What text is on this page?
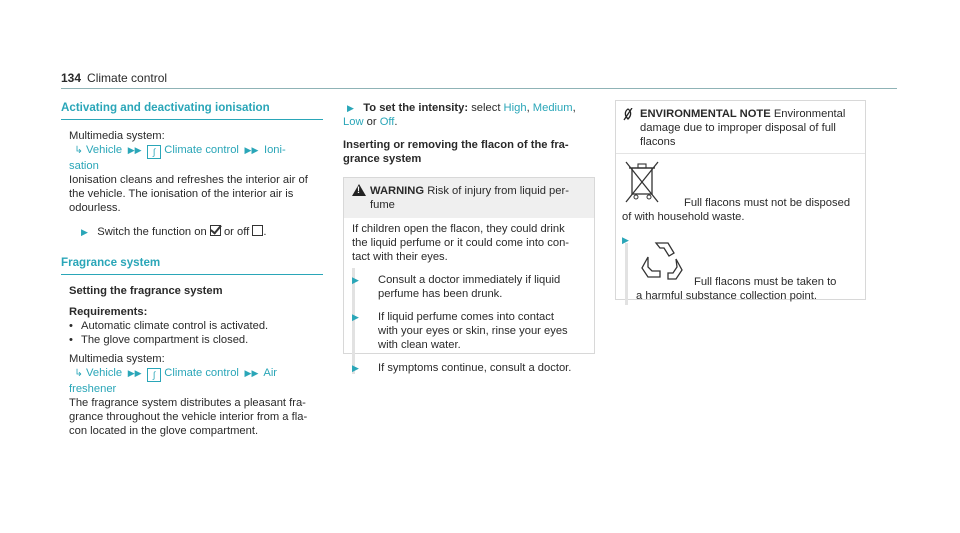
134 Climate control
Activating and deactivating ionisation
Multimedia system:
↳ Vehicle  ▶▶  ∫ Climate control  ▶▶  Ioni-
sation
Ionisation cleans and refreshes the interior air of
the vehicle. The ionisation of the interior air is
odourless.
▶ Switch the function on or off .
Fragrance system
Setting the fragrance system
Requirements:
• Automatic climate control is activated.
• The glove compartment is closed.
Multimedia system:
↳ Vehicle  ▶▶  ∫ Climate control  ▶▶  Air
freshener
The fragrance system distributes a pleasant fra-
grance throughout the vehicle interior from a fla-
con located in the glove compartment.
▶ To set the intensity: select High, Medium,
Low or Off.
Inserting or removing the flacon of the fra-
grance system
!
WARNING Risk of injury from liquid per-
fume
If children open the flacon, they could drink
the liquid perfume or it could come into con-
tact with their eyes.
▶	Consult a doctor immediately if liquid
perfume has been drunk.
▶	If liquid perfume comes into contact
with your eyes or skin, rinse your eyes
with clean water.
▶	If symptoms continue, consult a doctor.
ENVIRONMENTAL NOTE Environmental
damage due to improper disposal of full
flacons
Full flacons must not be disposed
of with household waste.
▶
Full flacons must be taken to
a harmful substance collection point.
